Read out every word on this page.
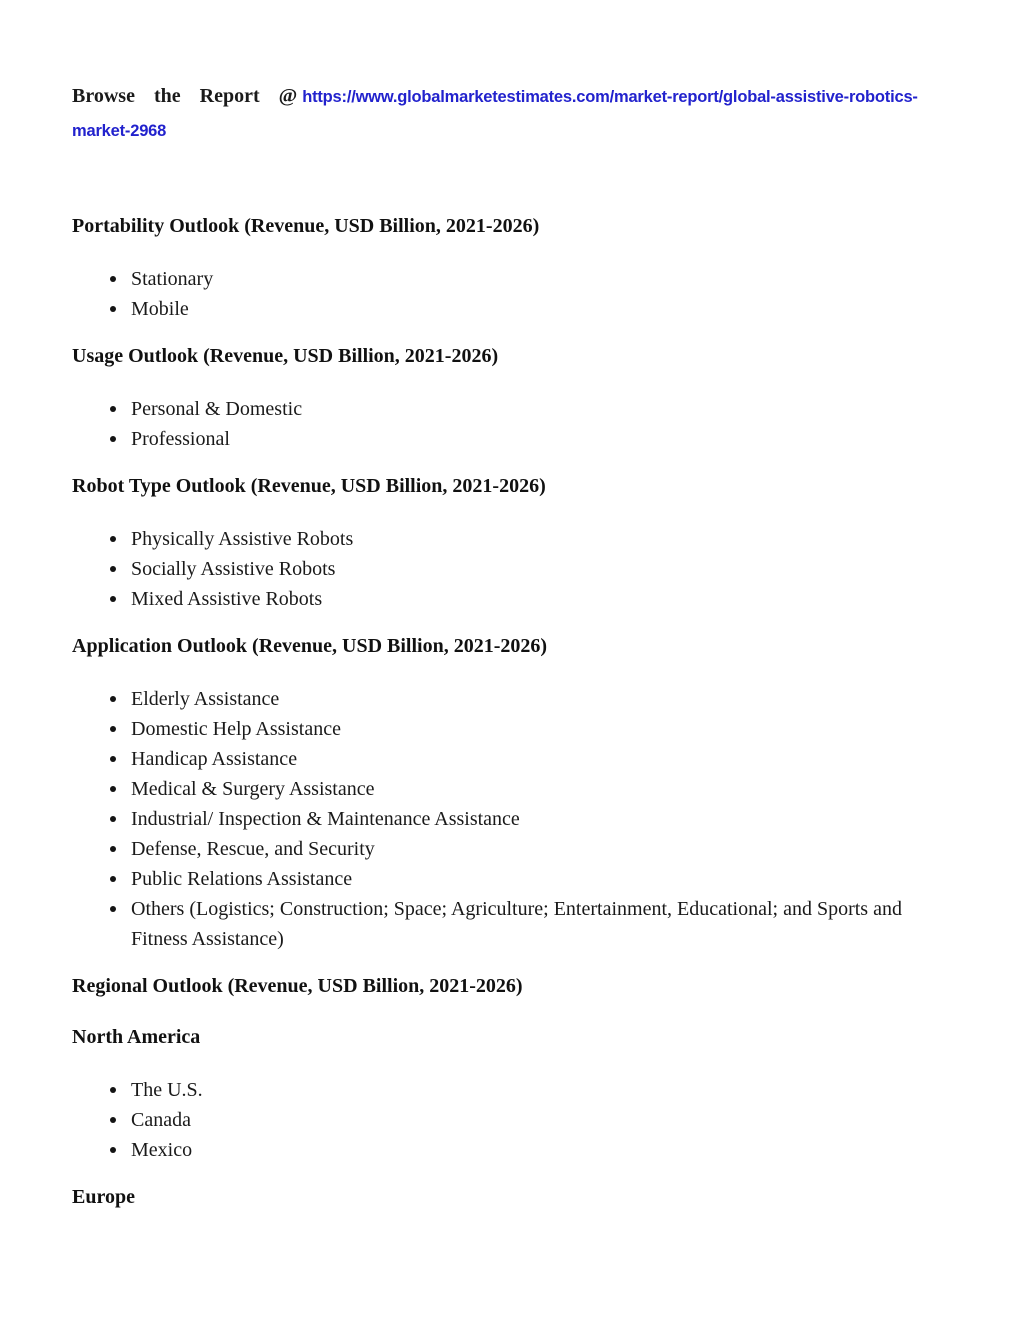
Browse the Report @ https://www.globalmarketestimates.com/market-report/global-assistive-robotics-market-2968

Portability Outlook (Revenue, USD Billion, 2021-2026)
Stationary
Mobile
Usage Outlook (Revenue, USD Billion, 2021-2026)
Personal & Domestic
Professional
Robot Type Outlook (Revenue, USD Billion, 2021-2026)
Physically Assistive Robots
Socially Assistive Robots
Mixed Assistive Robots
Application Outlook (Revenue, USD Billion, 2021-2026)
Elderly Assistance
Domestic Help Assistance
Handicap Assistance
Medical & Surgery Assistance
Industrial/ Inspection & Maintenance Assistance
Defense, Rescue, and Security
Public Relations Assistance
Others (Logistics; Construction; Space; Agriculture; Entertainment, Educational; and Sports and Fitness Assistance)
Regional Outlook (Revenue, USD Billion, 2021-2026)
North America
The U.S.
Canada
Mexico
Europe
